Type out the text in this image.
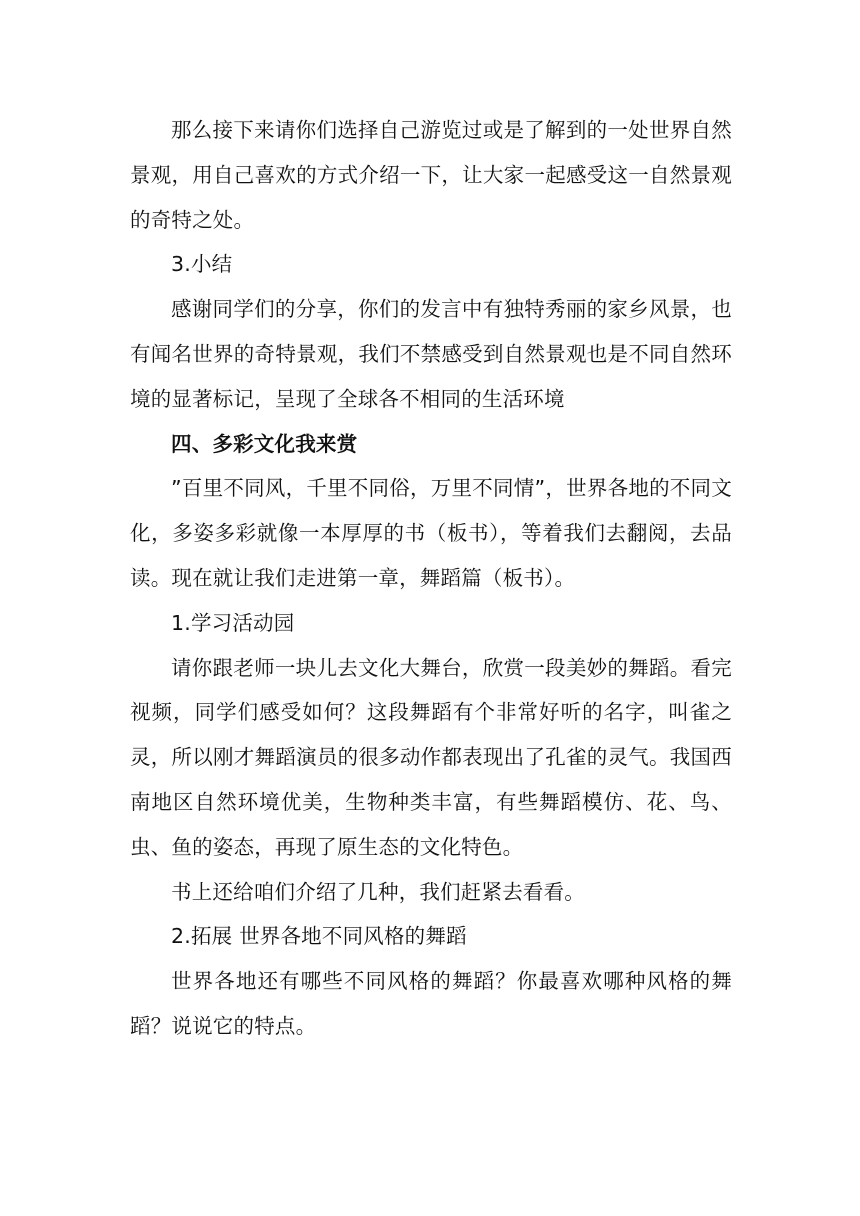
那么接下来请你们选择自己游览过或是了解到的一处世界自然景观，用自己喜欢的方式介绍一下，让大家一起感受这一自然景观的奇特之处。

3.小结

感谢同学们的分享，你们的发言中有独特秀丽的家乡风景，也有闻名世界的奇特景观，我们不禁感受到自然景观也是不同自然环境的显著标记，呈现了全球各不相同的生活环境

四、多彩文化我来赏

”百里不同风，千里不同俗，万里不同情”，世界各地的不同文化，多姿多彩就像一本厚厚的书（板书），等着我们去翻阅，去品读。现在就让我们走进第一章，舞蹈篇（板书）。

1.学习活动园

请你跟老师一块儿去文化大舞台，欣赏一段美妙的舞蹈。看完视频，同学们感受如何？这段舞蹈有个非常好听的名字，叫雀之灵，所以刚才舞蹈演员的很多动作都表现出了孔雀的灵气。我国西南地区自然环境优美，生物种类丰富，有些舞蹈模仿、花、鸟、虫、鱼的姿态，再现了原生态的文化特色。

书上还给咱们介绍了几种，我们赶紧去看看。

2.拓展 世界各地不同风格的舞蹈

世界各地还有哪些不同风格的舞蹈？你最喜欢哪种风格的舞蹈？说说它的特点。
